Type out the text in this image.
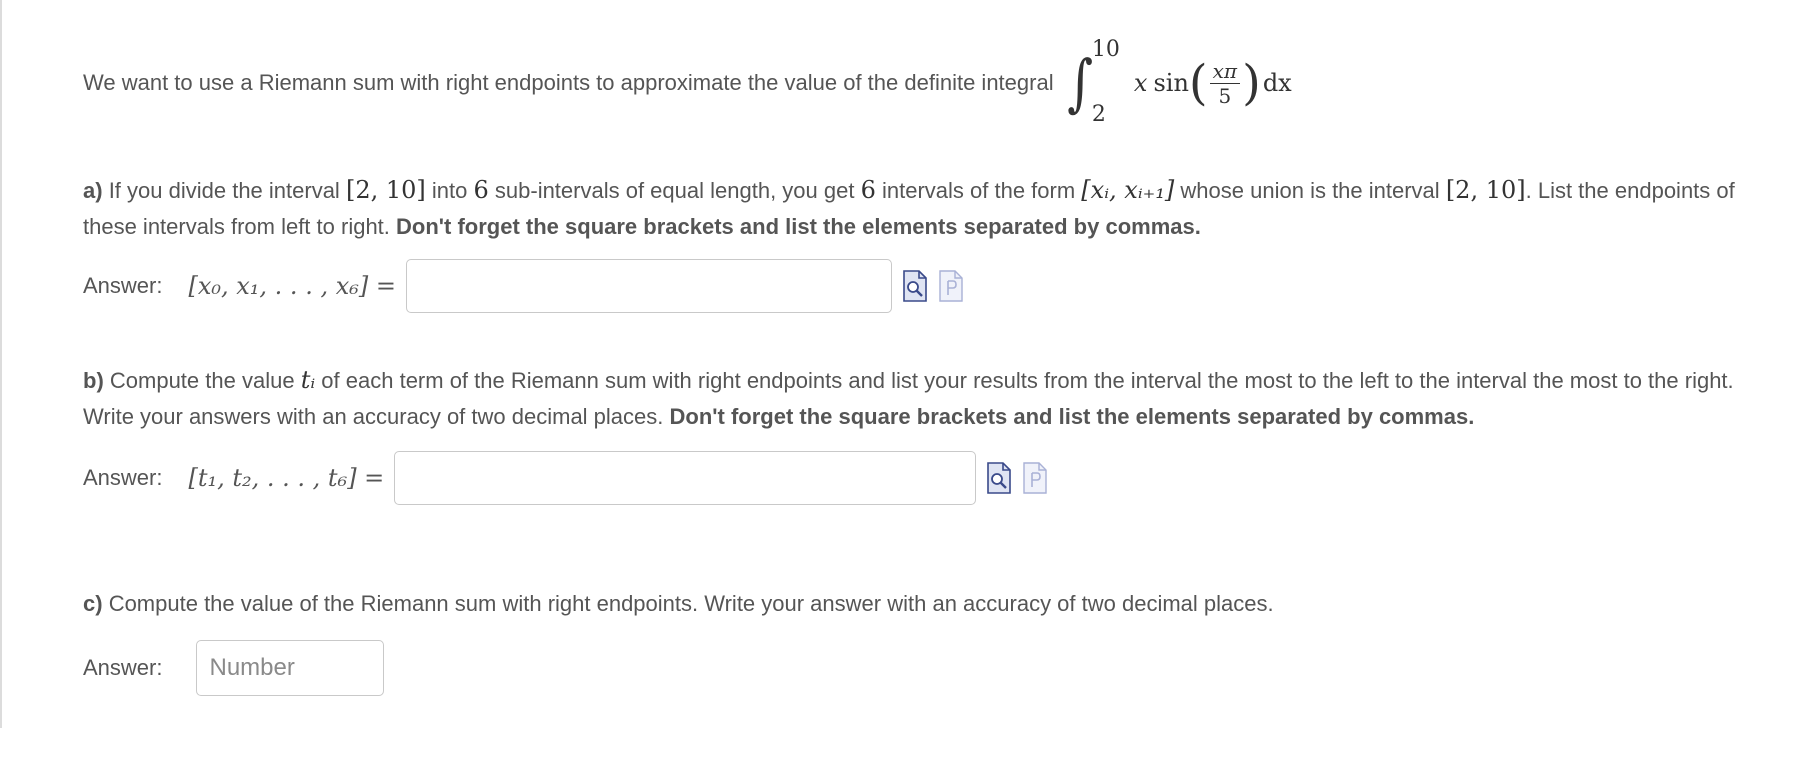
We want to use a Riemann sum with right endpoints to approximate the value of the definite integral ∫ 10
2
x sin ( $\frac{x\pi}{5}$ ) dx
a) If you divide the interval [2, 10] into 6 sub-intervals of equal length, you get 6 intervals of the form [xᵢ, xᵢ₊₁] whose union is the interval [2, 10]. List the endpoints of these intervals from left to right. Don't forget the square brackets and list the elements separated by commas.
Answer: [x₀, x₁, . . . , x₆] =
b) Compute the value tᵢ of each term of the Riemann sum with right endpoints and list your results from the interval the most to the left to the interval the most to the right. Write your answers with an accuracy of two decimal places. Don't forget the square brackets and list the elements separated by commas.
Answer: [t₁, t₂, . . . , t₆] =
c) Compute the value of the Riemann sum with right endpoints. Write your answer with an accuracy of two decimal places.
Answer:
Number
